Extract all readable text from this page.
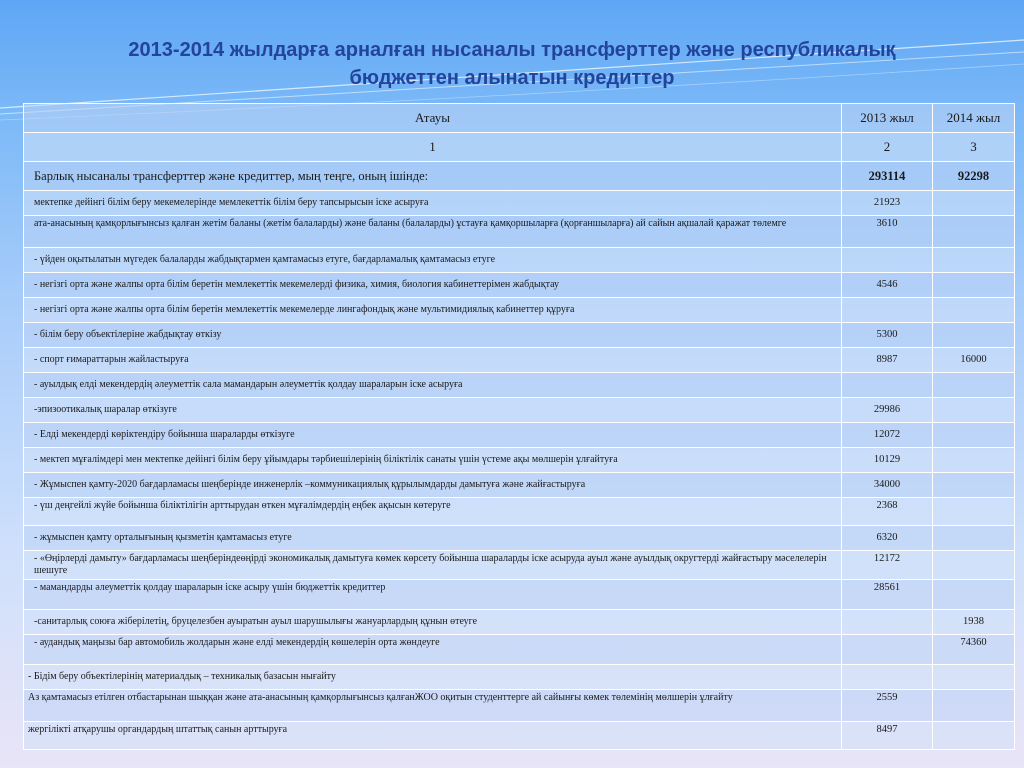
2013-2014 жылдарға арналған нысаналы трансферттер және республикалық
бюджеттен алынатын кредиттер
Атауы	2013 жыл	2014 жыл
1	2	3
Барлық нысаналы трансферттер және кредиттер, мың теңге, оның ішінде:	293114	92298
мектепке дейінгі білім беру мекемелерінде мемлекеттік білім беру тапсырысын іске асыруға	21923	
ата-анасының қамқорлығынсыз қалған жетім баланы (жетім балаларды) және баланы (балаларды) ұстауға қамқоршыларға (қорғаншыларға) ай сайын ақшалай қаражат төлемге	3610	
- үйден оқытылатын мүгедек балаларды жабдықтармен қамтамасыз етуге, бағдарламалық қамтамасыз етуге		
- негізгі орта және жалпы орта білім беретін мемлекеттік мекемелерді физика, химия, биология кабинеттерімен жабдықтау	4546	
- негізгі орта және жалпы орта білім беретін мемлекеттік мекемелерде лингафондық және мультимидиялық кабинеттер құруға		
- білім беру объектілеріне жабдықтау өткізу	5300	
- спорт ғимараттарын жайластыруға	8987	16000
- ауылдық елді мекендердің әлеуметтік сала мамандарын әлеуметтік қолдау шараларын іске асыруға		
-эпизоотикалық шаралар өткізуге	29986	
- Елді мекендерді көріктендіру бойынша шараларды өткізуге	12072	
- мектеп мұғалімдері мен мектепке дейінгі білім беру ұйымдары тәрбиешілерінің біліктілік санаты үшін үстеме ақы мөлшерін ұлғайтуға	10129	
- Жұмыспен қамту-2020 бағдарламасы шеңберінде инженерлік –коммуникациялық құрылымдарды дамытуға және жайғастыруға	34000	
- үш деңгейлі жүйе бойынша біліктілігін арттырудан өткен мұғалімдердің еңбек ақысын көтеруге	2368	
- жұмыспен қамту орталығының қызметін қамтамасыз етуге	6320	
- «Өңірлерді дамыту» бағдарламасы шеңберіндеөңірді экономикалық дамытуға көмек көрсету бойынша шараларды іске асыруда ауыл және ауылдық округтердi жайғастыру мәселелерін шешуге	12172	
- мамандарды әлеуметтік қолдау шараларын іске асыру үшін бюджеттік кредиттер	28561	
-санитарлық союға жіберілетің, бруцелезбен ауыратын ауыл шарушылығы жануарлардың құнын өтеуге		1938
- аудандық маңызы бар автомобиль жолдарын және елді мекендердің көшелерін орта жөндеуге		74360
- Бідім беру объектілерінің материалдық – техникалық базасын нығайту		
Аз қамтамасыз етілген отбастарынан шыққан және ата-анасының қамқорлығынсыз қалғанЖОО оқитын студенттерге ай сайынғы көмек төлемінің мөлшерін ұлғайту	2559	
жергілікті атқарушы органдардың штаттық санын арттыруға	8497	
